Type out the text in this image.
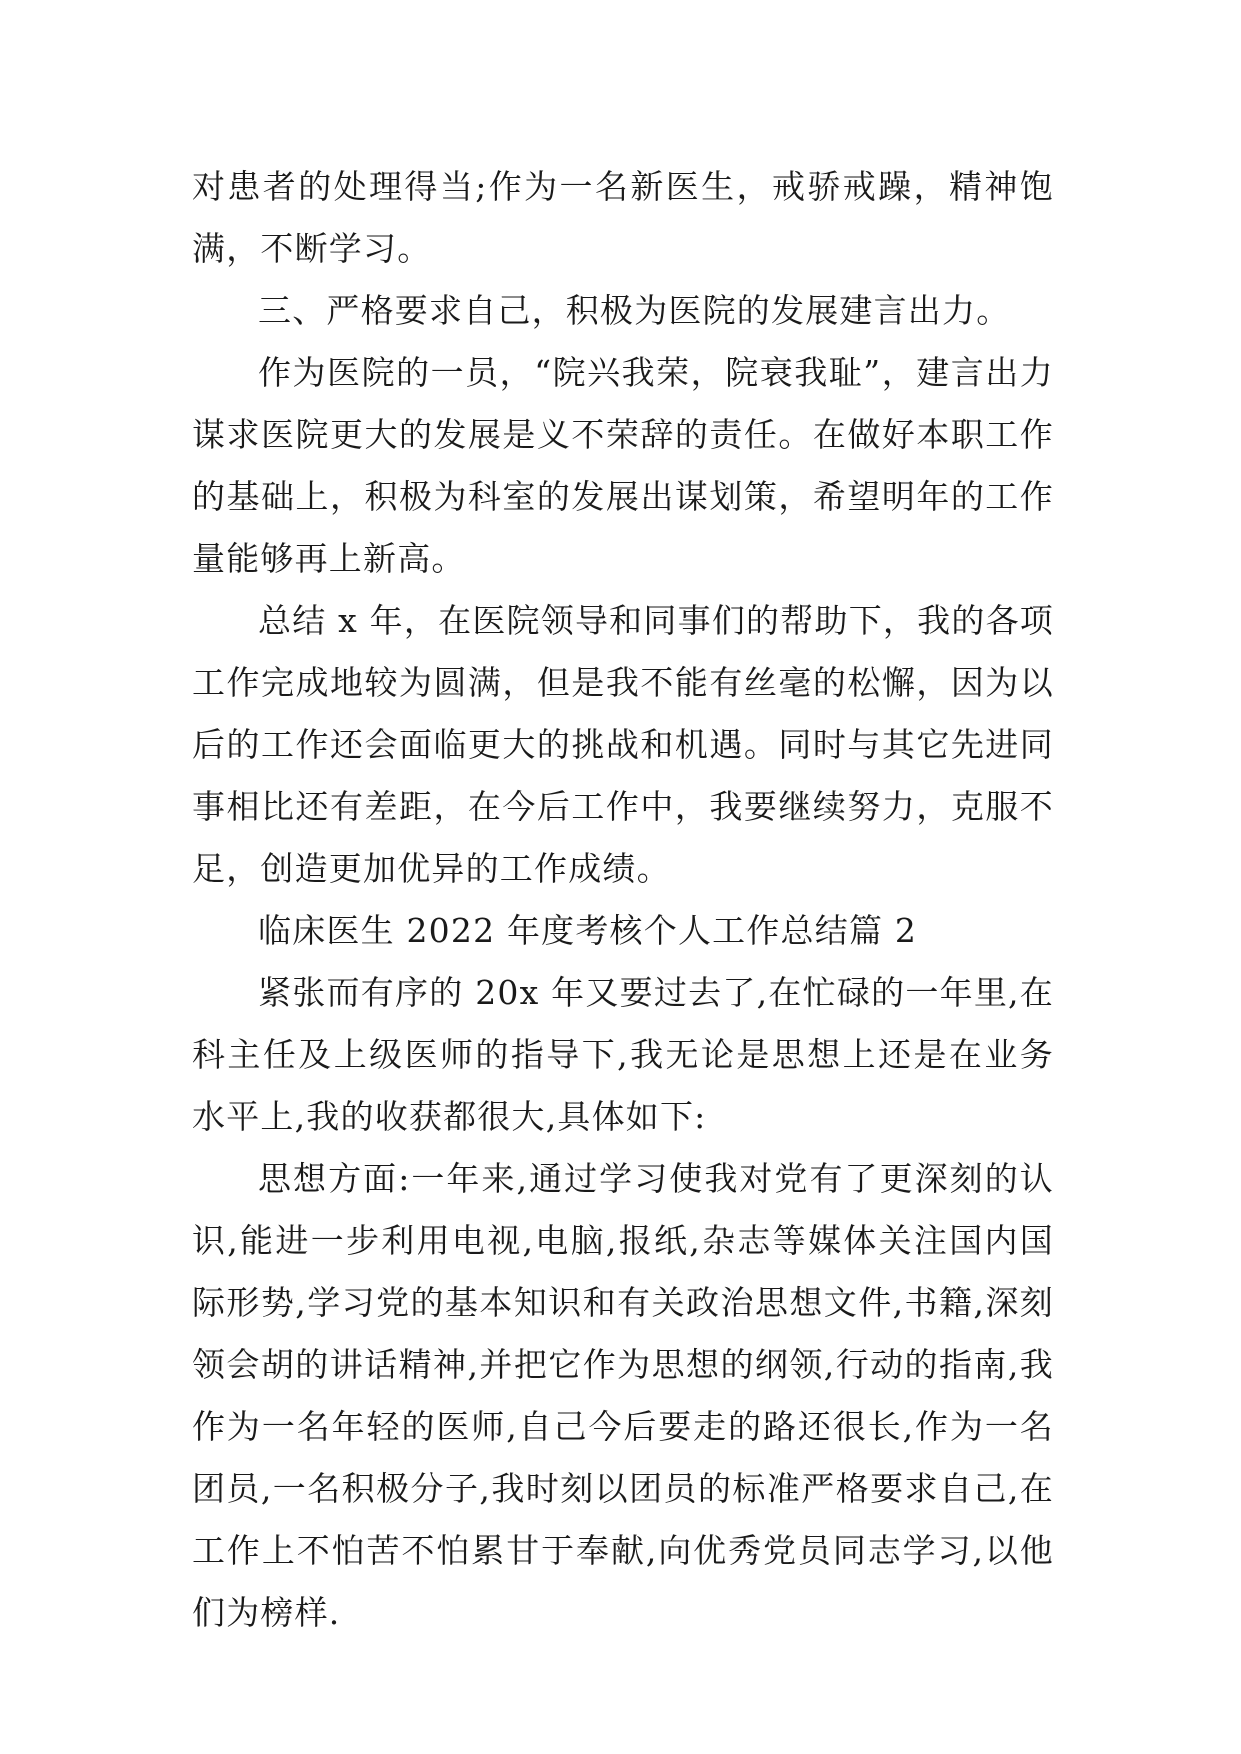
对患者的处理得当;作为一名新医生，戒骄戒躁，精神饱满，不断学习。

三、严格要求自己，积极为医院的发展建言出力。

作为医院的一员，“院兴我荣，院衰我耻”，建言出力谋求医院更大的发展是义不荣辞的责任。在做好本职工作的基础上，积极为科室的发展出谋划策，希望明年的工作量能够再上新高。

总结 x 年，在医院领导和同事们的帮助下，我的各项工作完成地较为圆满，但是我不能有丝毫的松懈，因为以后的工作还会面临更大的挑战和机遇。同时与其它先进同事相比还有差距，在今后工作中，我要继续努力，克服不足，创造更加优异的工作成绩。

临床医生 2022 年度考核个人工作总结篇 2

紧张而有序的 20x 年又要过去了,在忙碌的一年里,在科主任及上级医师的指导下,我无论是思想上还是在业务水平上,我的收获都很大,具体如下:

思想方面:一年来,通过学习使我对党有了更深刻的认识,能进一步利用电视,电脑,报纸,杂志等媒体关注国内国际形势,学习党的基本知识和有关政治思想文件,书籍,深刻领会胡的讲话精神,并把它作为思想的纲领,行动的指南,我作为一名年轻的医师,自己今后要走的路还很长,作为一名团员,一名积极分子,我时刻以团员的标准严格要求自己,在工作上不怕苦不怕累甘于奉献,向优秀党员同志学习,以他们为榜样.
